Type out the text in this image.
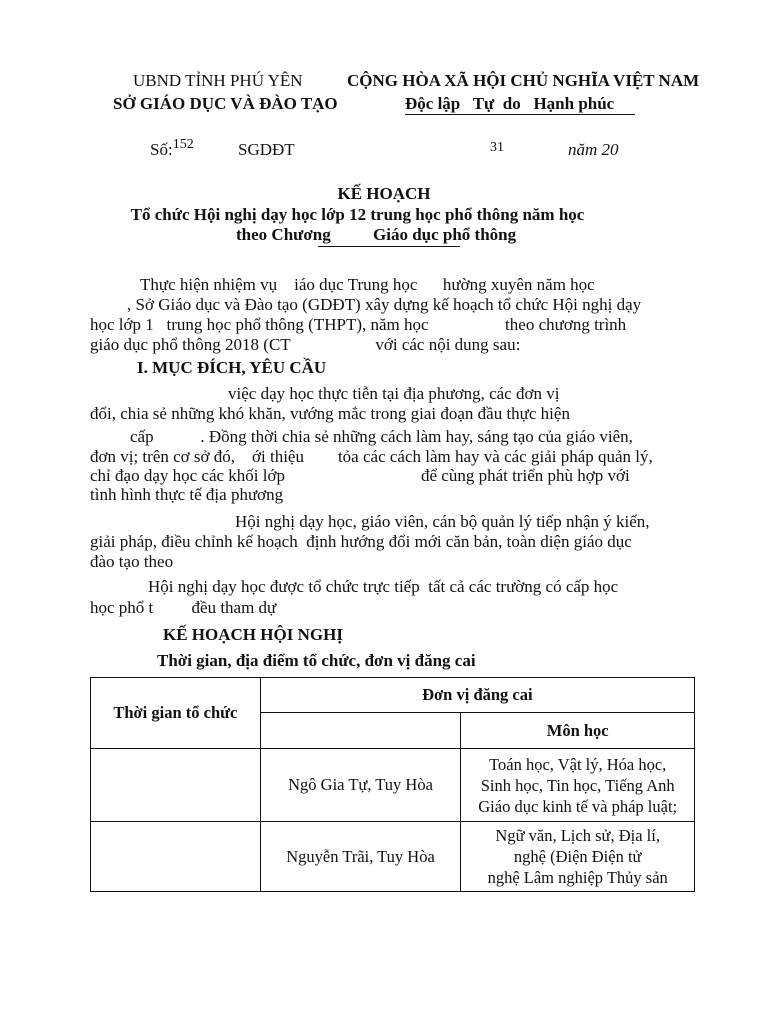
UBND TỈNH PHÚ YÊN
SỞ GIÁO DỤC VÀ ĐÀO TẠO
CỘNG HÒA XÃ HỘI CHỦ NGHĨA VIỆT NAM
Độc lập   Tự  do   Hạnh phúc
Số:$^{152}$	SGDĐT	31	năm 20
KẾ HOẠCH
Tổ chức Hội nghị dạy học lớp 12 trung học phổ thông năm học
theo Chương Giáo dục phổ thông
Thực hiện nhiệm vụ    iáo dục Trung học      hường xuyên năm học
, Sở Giáo dục và Đào tạo (GDĐT) xây dựng kế hoạch tổ chức Hội nghị dạy
học lớp 1   trung học phổ thông (THPT), năm học                  theo chương trình
giáo dục phổ thông 2018 (CT                    với các nội dung sau:
I. MỤC ĐÍCH, YÊU CẦU
việc dạy học thực tiễn tại địa phương, các đơn vị
đổi, chia sẻ những khó khăn, vướng mắc trong giai đoạn đầu thực hiện
cấp           . Đồng thời chia sẻ những cách làm hay, sáng tạo của giáo viên,
đơn vị; trên cơ sở đó,    ới thiệu        tỏa các cách làm hay và các giải pháp quản lý,
chỉ đạo dạy học các khối lớp                                để cùng phát triển phù hợp với
tình hình thực tế địa phương
Hội nghị dạy học, giáo viên, cán bộ quản lý tiếp nhận ý kiến,
giải pháp, điều chỉnh kế hoạch  định hướng đổi mới căn bản, toàn diện giáo dục
đào tạo theo
Hội nghị dạy học được tổ chức trực tiếp  tất cả các trường có cấp học
học phổ t         đều tham dự
KẾ HOẠCH HỘI NGHỊ
Thời gian, địa điểm tổ chức, đơn vị đăng cai
Thời gian tổ chức	Đơn vị đăng cai	
		Môn học
	Ngô Gia Tự, Tuy Hòa	Toán học, Vật lý, Hóa học,
Sinh học, Tin học, Tiếng Anh
Giáo dục kinh tế và pháp luật;

	Nguyễn Trãi, Tuy Hòa	Ngữ văn, Lịch sử, Địa lí,
nghệ (Điện Điện tử
nghệ Lâm nghiệp Thủy sản
